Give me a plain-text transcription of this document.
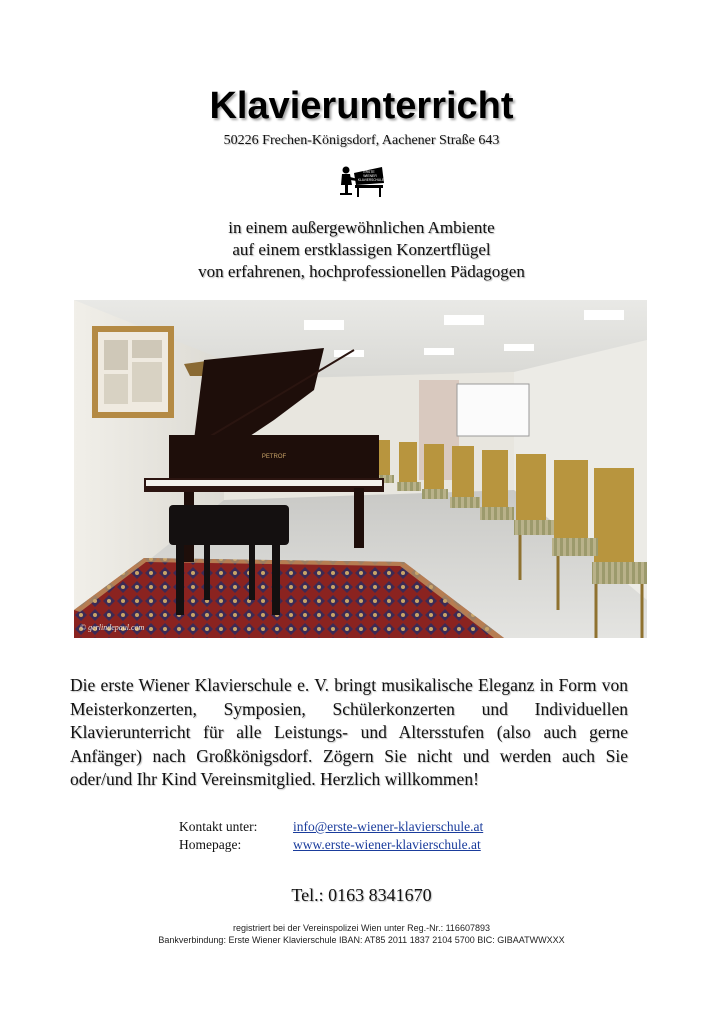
Klavierunterricht
50226 Frechen-Königsdorf, Aachener Straße 643
ERSTE
WIENER
KLAVIERSCHULE
in einem außergewöhnlichen Ambiente
auf einem erstklassigen Konzertflügel
von erfahrenen, hochprofessionellen Pädagogen
PETROF
© gerlindepaul.com
Die erste Wiener Klavierschule e. V. bringt musikalische Eleganz in Form von Meisterkonzerten, Symposien, Schülerkonzerten und Individuellen Klavierunterricht für alle Leistungs- und Altersstufen (also auch gerne Anfänger) nach Großkönigsdorf. Zögern Sie nicht und werden auch Sie oder/und Ihr Kind Vereinsmitglied. Herzlich willkommen!
Kontakt unter:	info@erste-wiener-klavierschule.at
Homepage:	www.erste-wiener-klavierschule.at
Tel.: 0163 8341670
registriert bei der Vereinspolizei Wien unter Reg.-Nr.: 116607893
Bankverbindung: Erste Wiener Klavierschule IBAN: AT85 2011 1837 2104 5700 BIC: GIBAATWWXXX
